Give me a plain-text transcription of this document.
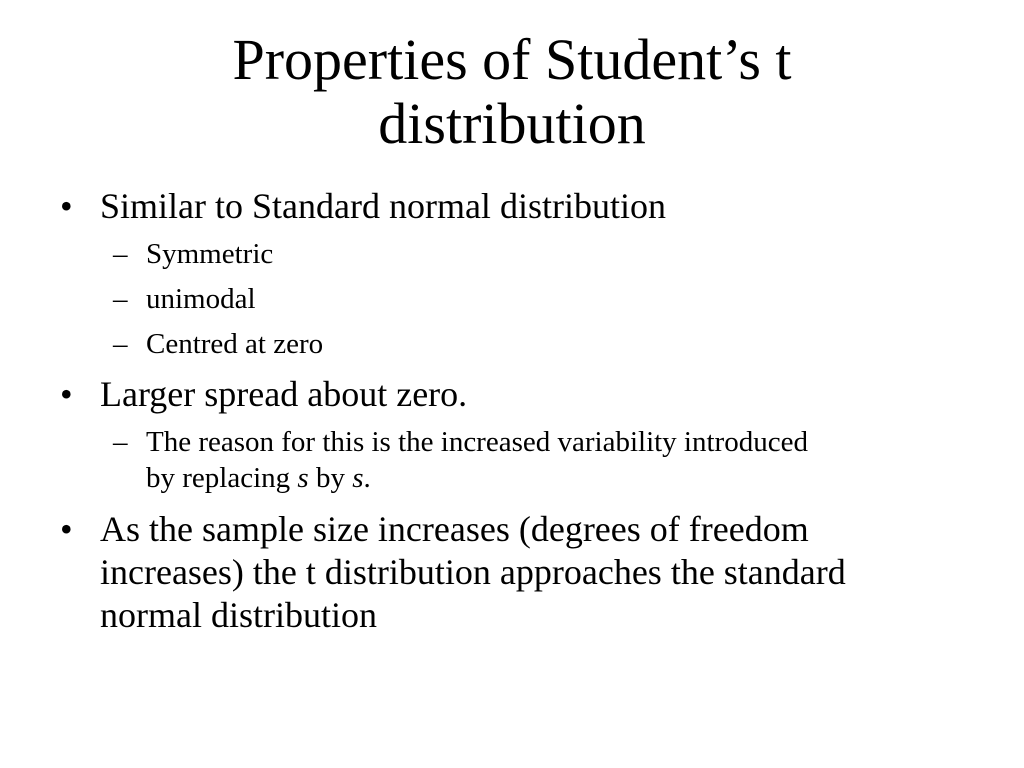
Properties of Student’s t
distribution
• Similar to Standard normal distribution
– Symmetric
– unimodal
– Centred at zero
• Larger spread about zero.
– The reason for this is the increased variability introduced
by replacing s by s.
• As the sample size increases (degrees of freedom
increases) the t distribution approaches the standard
normal distribution
